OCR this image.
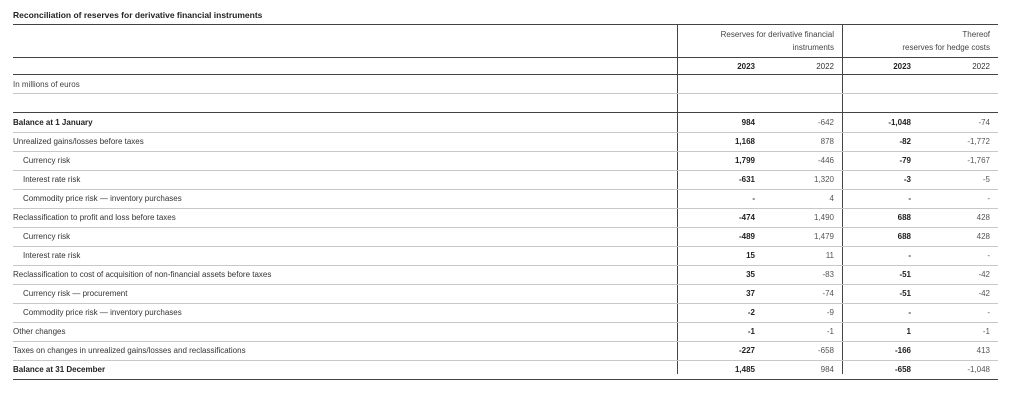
Reconciliation of reserves for derivative financial instruments
Reserves for derivative financial instruments
Thereof
reserves for hedge costs
2023	2022	2023	2022
In millions of euros
Balance at 1 January	984	-642	-1,048	-74
Unrealized gains/losses before taxes	1,168	878	-82	-1,772
Currency risk	1,799	-446	-79	-1,767
Interest rate risk	-631	1,320	-3	-5
Commodity price risk — inventory purchases	-	4	-	-
Reclassification to profit and loss before taxes	-474	1,490	688	428
Currency risk	-489	1,479	688	428
Interest rate risk	15	11	-	-
Reclassification to cost of acquisition of non-financial assets before taxes	35	-83	-51	-42
Currency risk — procurement	37	-74	-51	-42
Commodity price risk — inventory purchases	-2	-9	-	-
Other changes	-1	-1	1	-1
Taxes on changes in unrealized gains/losses and reclassifications	-227	-658	-166	413
Balance at 31 December	1,485	984	-658	-1,048
